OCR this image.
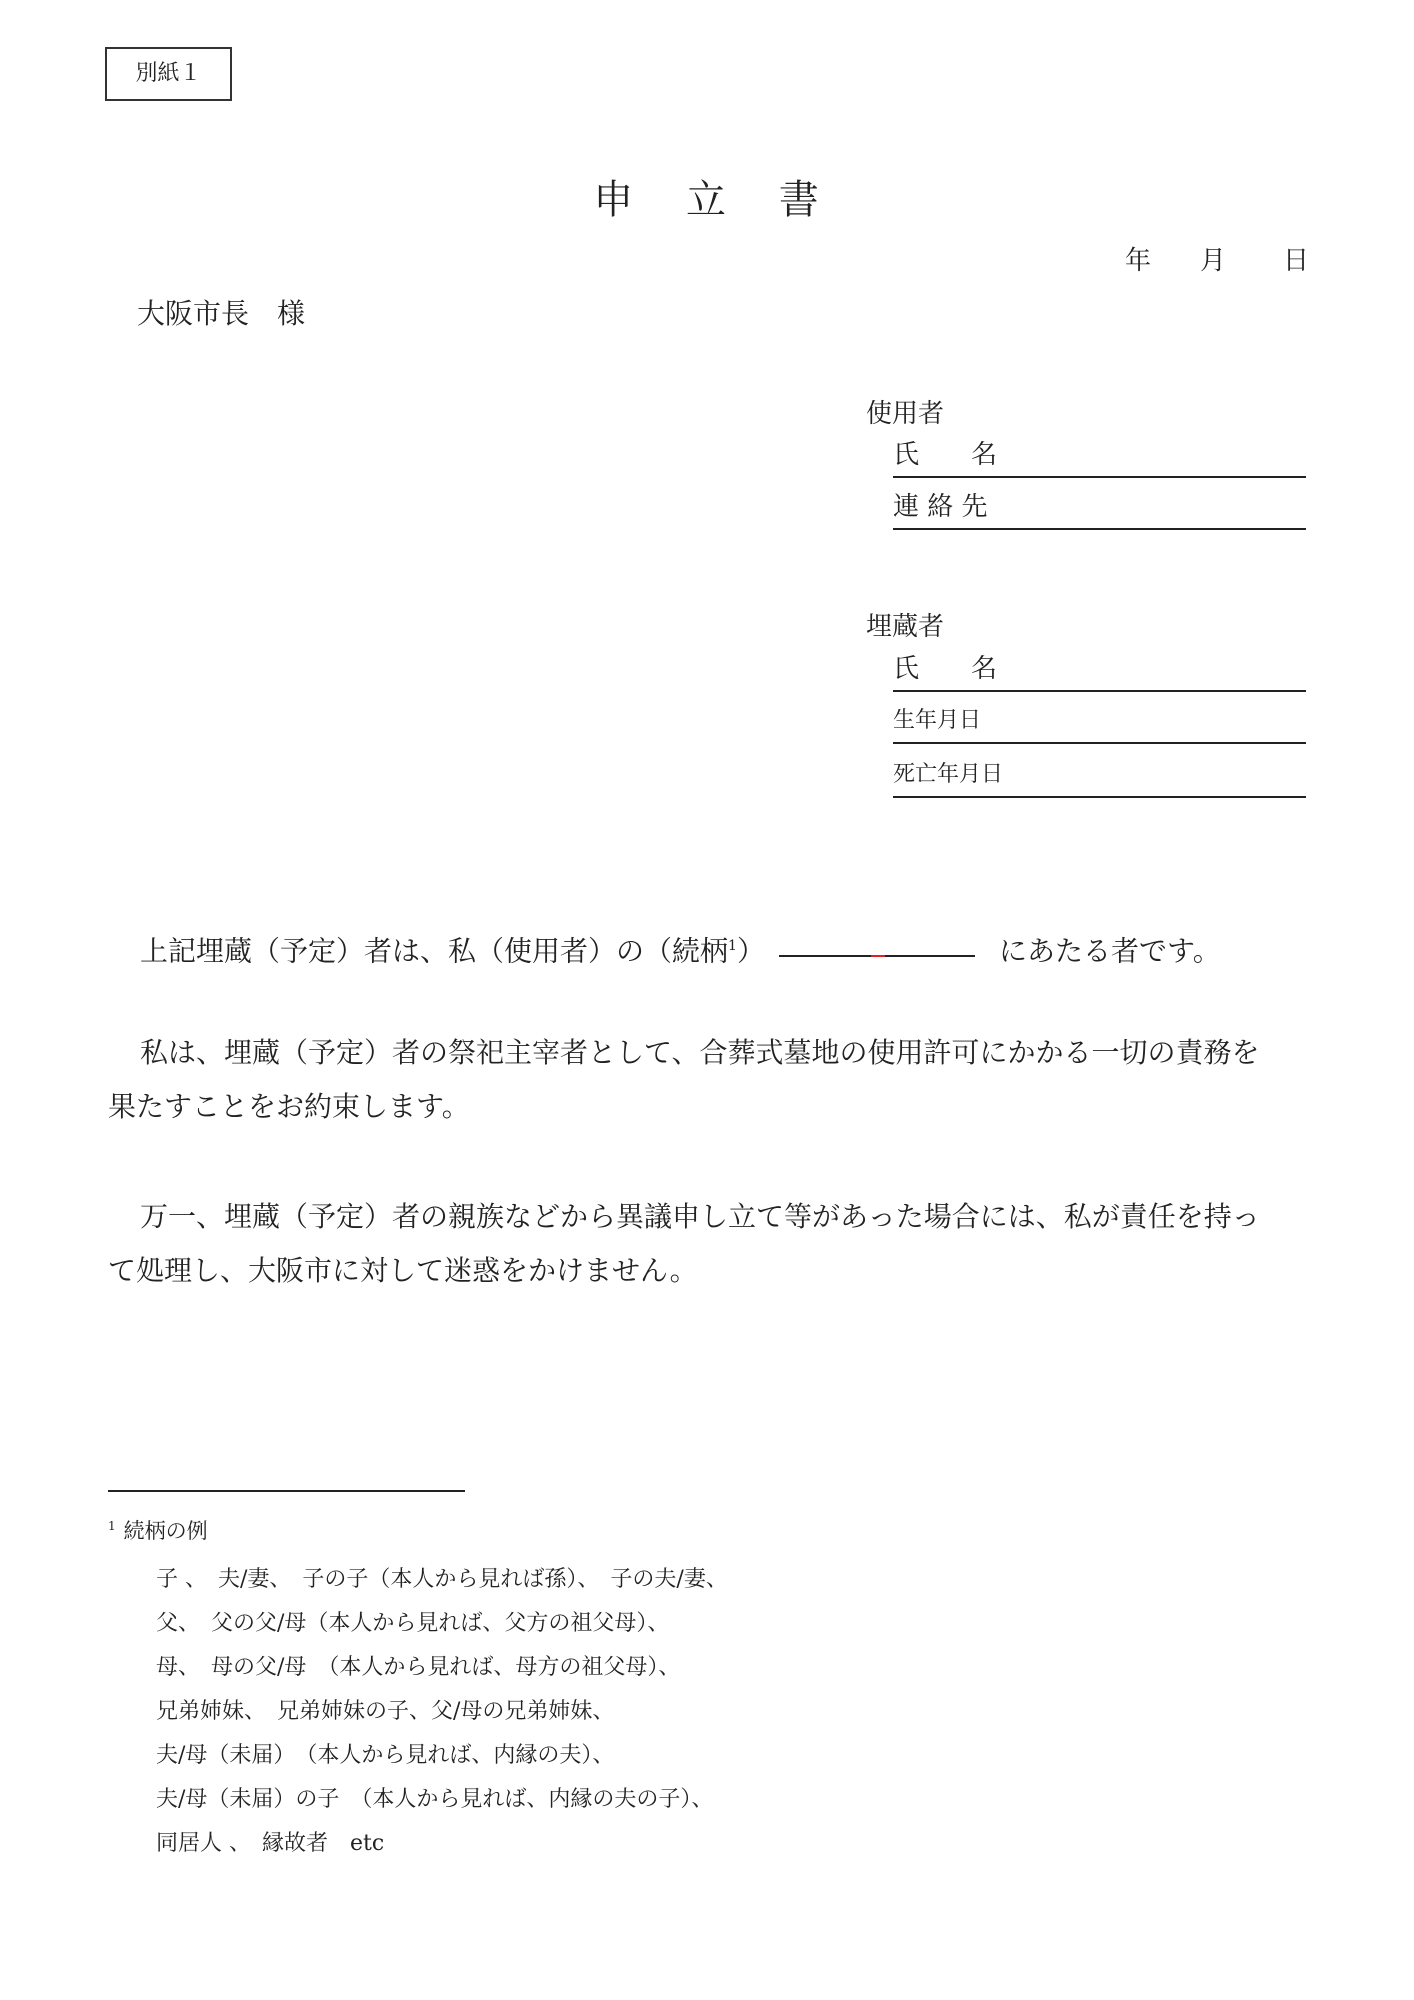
別紙１
申 立 書
年 月 日
大阪市長 様
使用者
氏　　名
連 絡 先
埋蔵者
氏　　名
生年月日
死亡年月日
上記埋蔵（予定）者は、私（使用者）の（続柄$^1$）	にあたる者です。
私は、埋蔵（予定）者の祭祀主宰者として、合葬式墓地の使用許可にかかる一切の責務を
果たすことをお約束します。
万一、埋蔵（予定）者の親族などから異議申し立て等があった場合には、私が責任を持っ
て処理し、大阪市に対して迷惑をかけません。
$^1$ 続柄の例
子 、　夫/妻、　子の子（本人から見れば孫）、　子の夫/妻、
父、　父の父/母（本人から見れば、父方の祖父母）、
母、　母の父/母　（本人から見れば、母方の祖父母）、
兄弟姉妹、　兄弟姉妹の子、父/母の兄弟姉妹、
夫/母（未届）　（本人から見れば、内縁の夫）、
夫/母（未届）の子　（本人から見れば、内縁の夫の子）、
同居人 、　縁故者　etc
